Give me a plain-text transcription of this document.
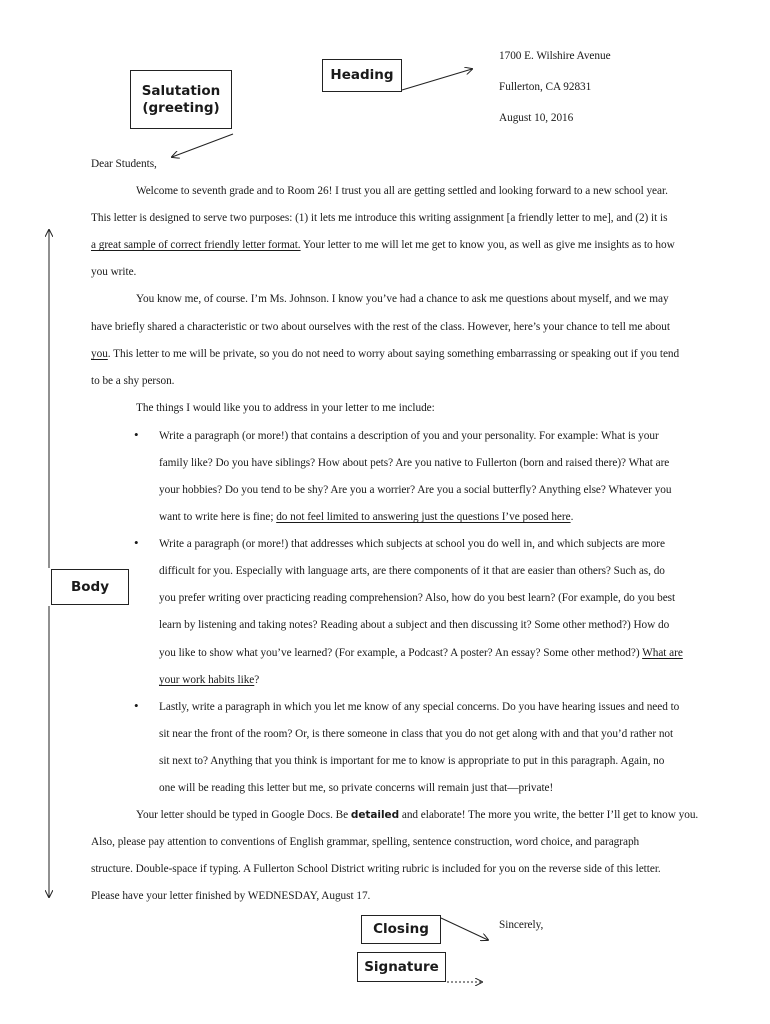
1700 E. Wilshire Avenue
Fullerton, CA 92831
August 10, 2016
Heading
Salutation
(greeting)
Body
Closing
Signature
Dear Students,
Welcome to seventh grade and to Room 26! I trust you all are getting settled and looking forward to a new school year.
This letter is designed to serve two purposes: (1) it lets me introduce this writing assignment [a friendly letter to me], and (2) it is
a great sample of correct friendly letter format. Your letter to me will let me get to know you, as well as give me insights as to how
you write.
You know me, of course. I’m Ms. Johnson. I know you’ve had a chance to ask me questions about myself, and we may
have briefly shared a characteristic or two about ourselves with the rest of the class. However, here’s your chance to tell me about
you. This letter to me will be private, so you do not need to worry about saying something embarrassing or speaking out if you tend
to be a shy person.
The things I would like you to address in your letter to me include:
• Write a paragraph (or more!) that contains a description of you and your personality. For example: What is your
family like? Do you have siblings? How about pets? Are you native to Fullerton (born and raised there)? What are
your hobbies? Do you tend to be shy? Are you a worrier? Are you a social butterfly? Anything else? Whatever you
want to write here is fine; do not feel limited to answering just the questions I’ve posed here.
• Write a paragraph (or more!) that addresses which subjects at school you do well in, and which subjects are more
difficult for you. Especially with language arts, are there components of it that are easier than others? Such as, do
you prefer writing over practicing reading comprehension? Also, how do you best learn? (For example, do you best
learn by listening and taking notes? Reading about a subject and then discussing it? Some other method?) How do
you like to show what you’ve learned? (For example, a Podcast? A poster? An essay? Some other method?) What are
your work habits like?
• Lastly, write a paragraph in which you let me know of any special concerns. Do you have hearing issues and need to
sit near the front of the room? Or, is there someone in class that you do not get along with and that you’d rather not
sit next to? Anything that you think is important for me to know is appropriate to put in this paragraph. Again, no
one will be reading this letter but me, so private concerns will remain just that—private!
Your letter should be typed in Google Docs. Be detailed and elaborate! The more you write, the better I’ll get to know you.
Also, please pay attention to conventions of English grammar, spelling, sentence construction, word choice, and paragraph
structure. Double-space if typing. A Fullerton School District writing rubric is included for you on the reverse side of this letter.
Please have your letter finished by WEDNESDAY, August 17.
Sincerely,
